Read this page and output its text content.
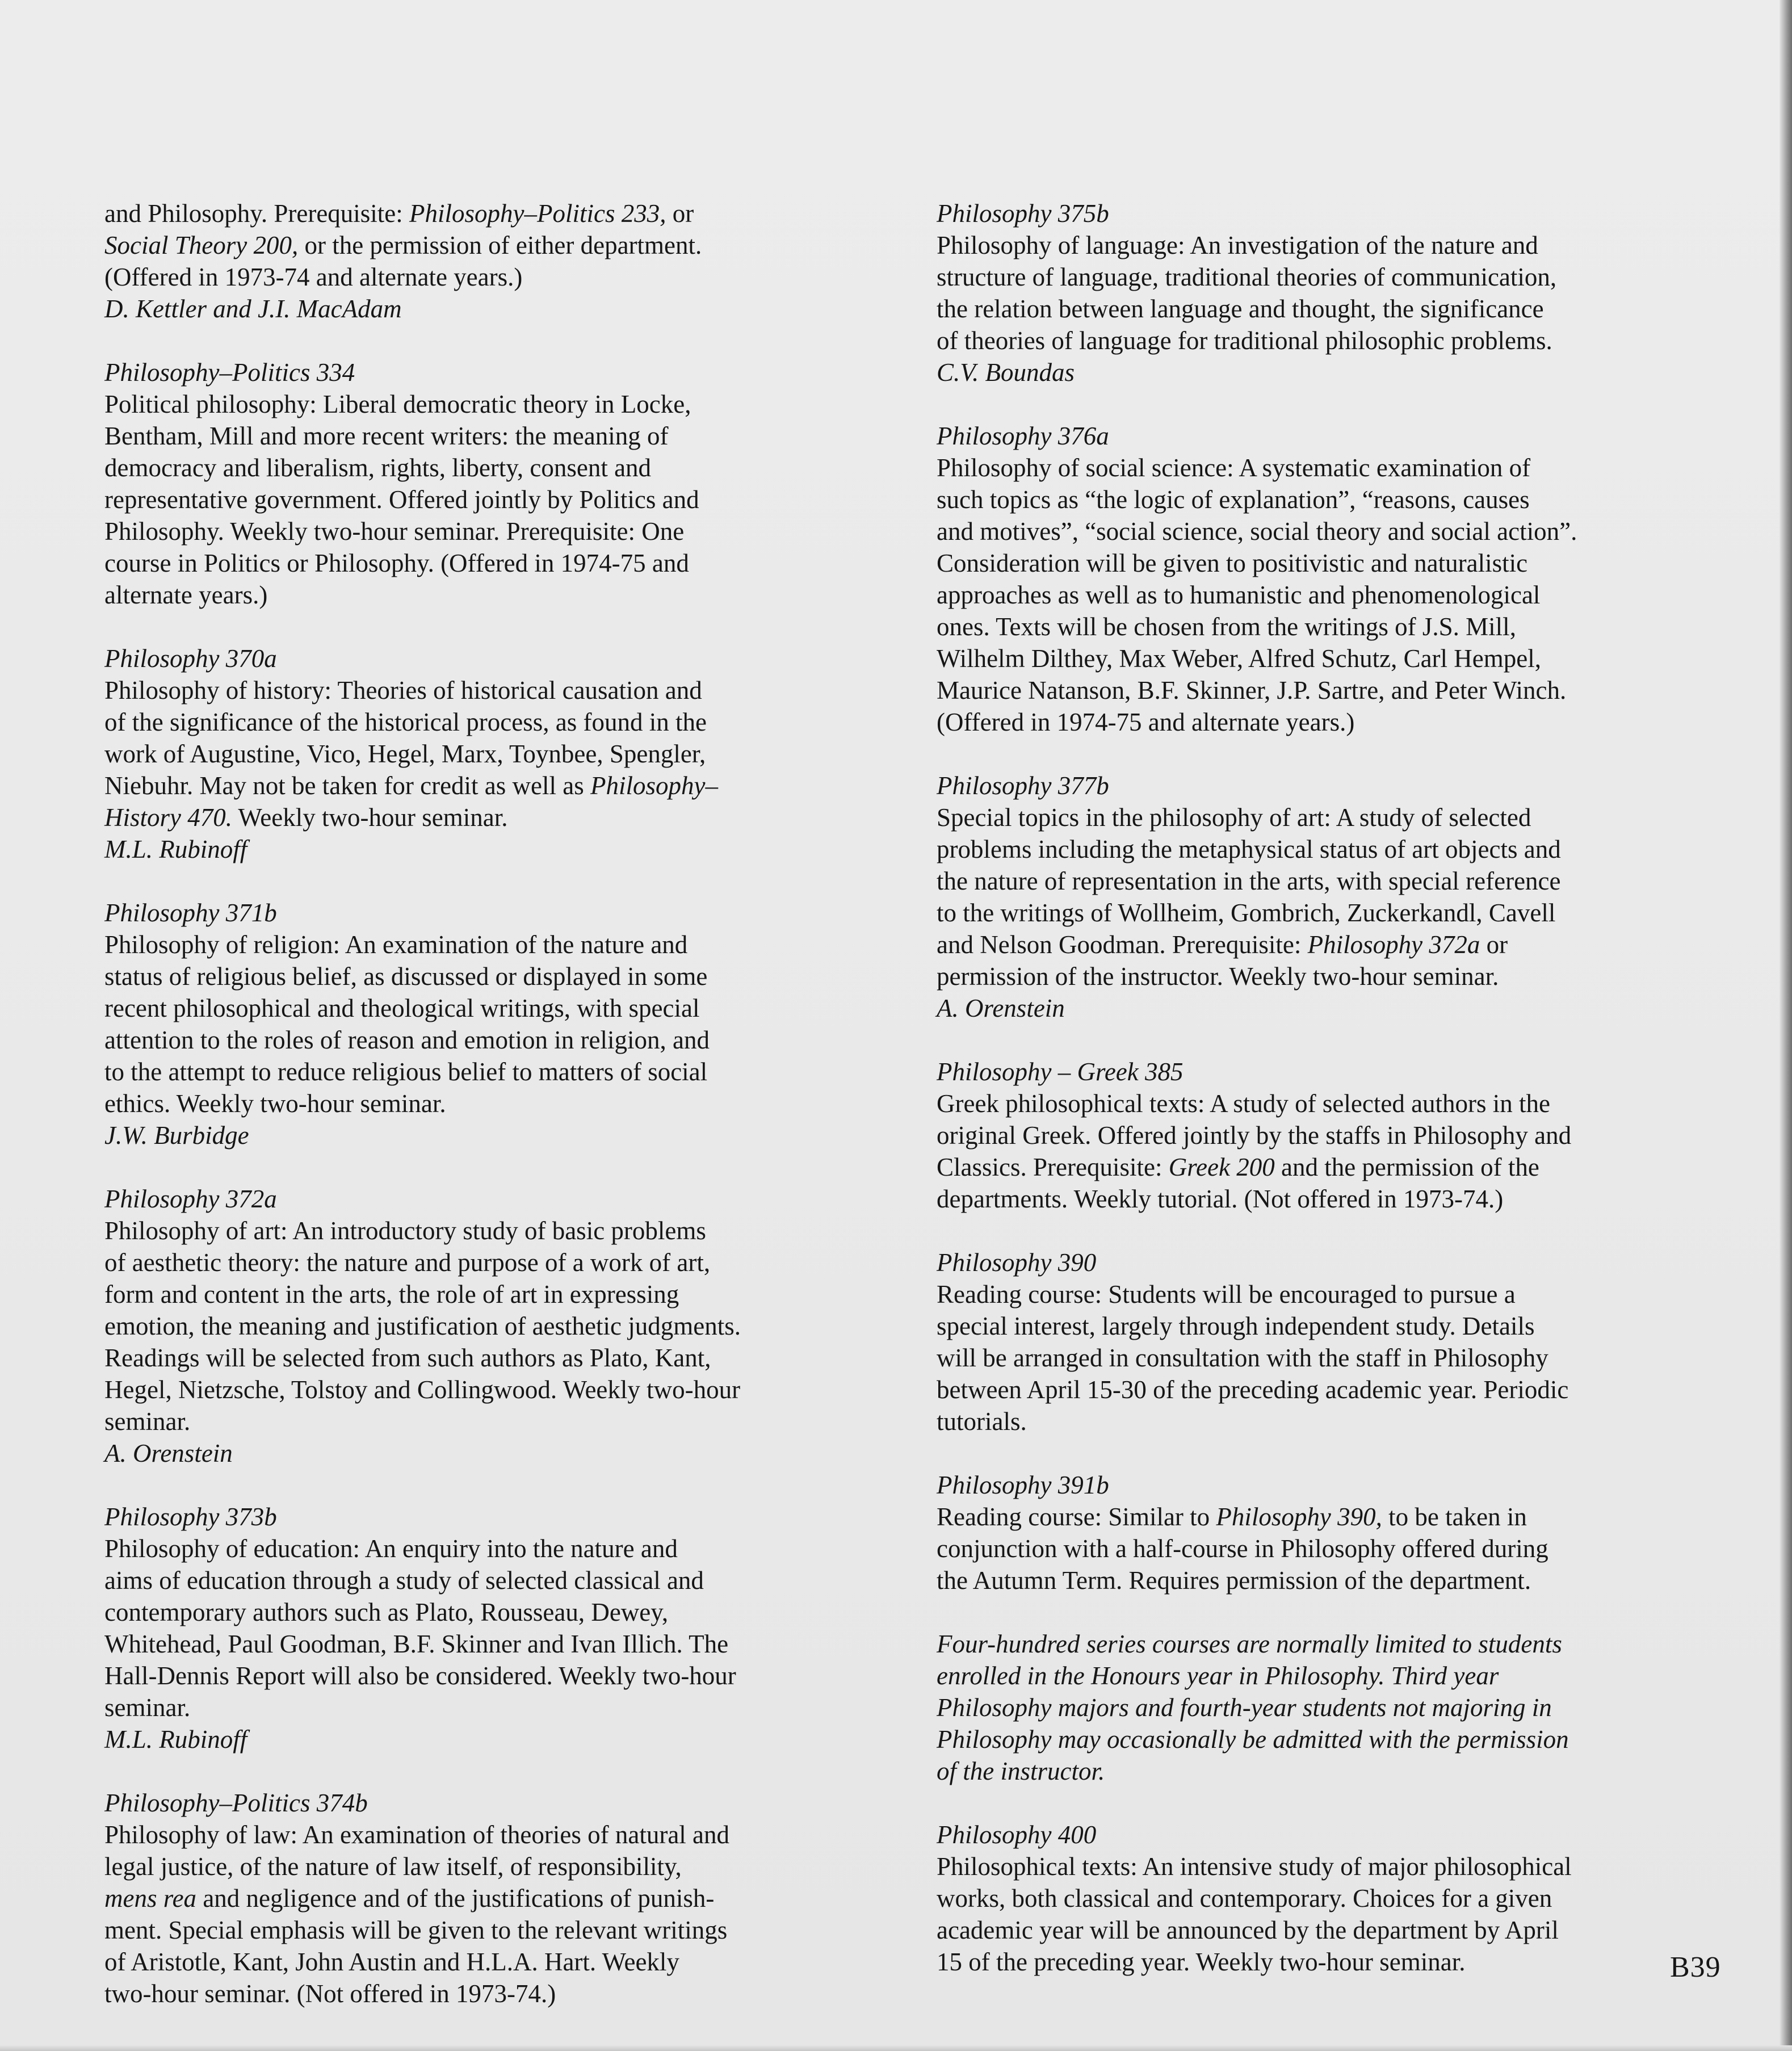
and Philosophy. Prerequisite: Philosophy–Politics 233, or
Social Theory 200, or the permission of either department.
(Offered in 1973-74 and alternate years.)
D. Kettler and J.I. MacAdam
Philosophy–Politics 334
Political philosophy: Liberal democratic theory in Locke,
Bentham, Mill and more recent writers: the meaning of
democracy and liberalism, rights, liberty, consent and
representative government. Offered jointly by Politics and
Philosophy. Weekly two-hour seminar. Prerequisite: One
course in Politics or Philosophy. (Offered in 1974-75 and
alternate years.)
Philosophy 370a
Philosophy of history: Theories of historical causation and
of the significance of the historical process, as found in the
work of Augustine, Vico, Hegel, Marx, Toynbee, Spengler,
Niebuhr. May not be taken for credit as well as Philosophy–
History 470. Weekly two-hour seminar.
M.L. Rubinoff
Philosophy 371b
Philosophy of religion: An examination of the nature and
status of religious belief, as discussed or displayed in some
recent philosophical and theological writings, with special
attention to the roles of reason and emotion in religion, and
to the attempt to reduce religious belief to matters of social
ethics. Weekly two-hour seminar.
J.W. Burbidge
Philosophy 372a
Philosophy of art: An introductory study of basic problems
of aesthetic theory: the nature and purpose of a work of art,
form and content in the arts, the role of art in expressing
emotion, the meaning and justification of aesthetic judgments.
Readings will be selected from such authors as Plato, Kant,
Hegel, Nietzsche, Tolstoy and Collingwood. Weekly two-hour
seminar.
A. Orenstein
Philosophy 373b
Philosophy of education: An enquiry into the nature and
aims of education through a study of selected classical and
contemporary authors such as Plato, Rousseau, Dewey,
Whitehead, Paul Goodman, B.F. Skinner and Ivan Illich. The
Hall-Dennis Report will also be considered. Weekly two-hour
seminar.
M.L. Rubinoff
Philosophy–Politics 374b
Philosophy of law: An examination of theories of natural and
legal justice, of the nature of law itself, of responsibility,
mens rea and negligence and of the justifications of punish-
ment. Special emphasis will be given to the relevant writings
of Aristotle, Kant, John Austin and H.L.A. Hart. Weekly
two-hour seminar. (Not offered in 1973-74.)
Philosophy 375b
Philosophy of language: An investigation of the nature and
structure of language, traditional theories of communication,
the relation between language and thought, the significance
of theories of language for traditional philosophic problems.
C.V. Boundas
Philosophy 376a
Philosophy of social science: A systematic examination of
such topics as “the logic of explanation”, “reasons, causes
and motives”, “social science, social theory and social action”.
Consideration will be given to positivistic and naturalistic
approaches as well as to humanistic and phenomenological
ones. Texts will be chosen from the writings of J.S. Mill,
Wilhelm Dilthey, Max Weber, Alfred Schutz, Carl Hempel,
Maurice Natanson, B.F. Skinner, J.P. Sartre, and Peter Winch.
(Offered in 1974-75 and alternate years.)
Philosophy 377b
Special topics in the philosophy of art: A study of selected
problems including the metaphysical status of art objects and
the nature of representation in the arts, with special reference
to the writings of Wollheim, Gombrich, Zuckerkandl, Cavell
and Nelson Goodman. Prerequisite: Philosophy 372a or
permission of the instructor. Weekly two-hour seminar.
A. Orenstein
Philosophy – Greek 385
Greek philosophical texts: A study of selected authors in the
original Greek. Offered jointly by the staffs in Philosophy and
Classics. Prerequisite: Greek 200 and the permission of the
departments. Weekly tutorial. (Not offered in 1973-74.)
Philosophy 390
Reading course: Students will be encouraged to pursue a
special interest, largely through independent study. Details
will be arranged in consultation with the staff in Philosophy
between April 15-30 of the preceding academic year. Periodic
tutorials.
Philosophy 391b
Reading course: Similar to Philosophy 390, to be taken in
conjunction with a half-course in Philosophy offered during
the Autumn Term. Requires permission of the department.
Four-hundred series courses are normally limited to students
enrolled in the Honours year in Philosophy. Third year
Philosophy majors and fourth-year students not majoring in
Philosophy may occasionally be admitted with the permission
of the instructor.
Philosophy 400
Philosophical texts: An intensive study of major philosophical
works, both classical and contemporary. Choices for a given
academic year will be announced by the department by April
15 of the preceding year. Weekly two-hour seminar.	B39
